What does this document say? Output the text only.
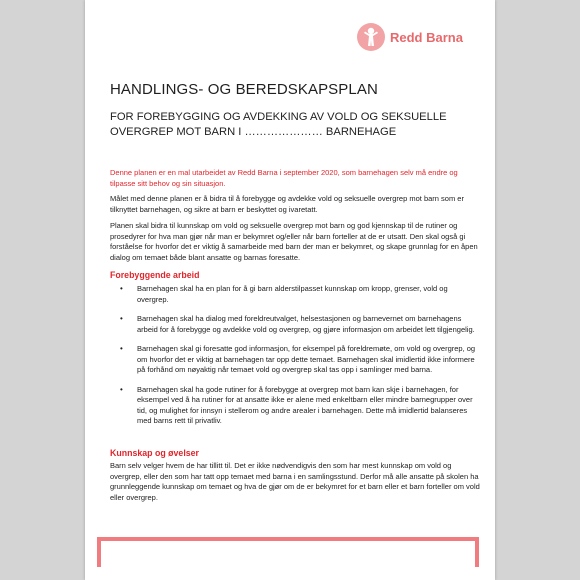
Redd Barna
HANDLINGS- OG BEREDSKAPSPLAN
FOR FOREBYGGING OG AVDEKKING AV VOLD OG SEKSUELLE OVERGREP MOT BARN I ………………… BARNEHAGE
Denne planen er en mal utarbeidet av Redd Barna i september 2020, som barnehagen selv må endre og tilpasse sitt behov og sin situasjon.
Målet med denne planen er å bidra til å forebygge og avdekke vold og seksuelle overgrep mot barn som er tilknyttet barnehagen, og sikre at barn er beskyttet og ivaretatt.
Planen skal bidra til kunnskap om vold og seksuelle overgrep mot barn og god kjennskap til de rutiner og prosedyrer for hva man gjør når man er bekymret og/eller når barn forteller at de er utsatt. Den skal også gi forståelse for hvorfor det er viktig å samarbeide med barn der man er bekymret, og skape grunnlag for en åpen dialog om temaet både blant ansatte og barnas foresatte.
Forebyggende arbeid
• Barnehagen skal ha en plan for å gi barn alderstilpasset kunnskap om kropp, grenser, vold og overgrep.
• Barnehagen skal ha dialog med foreldreutvalget, helsestasjonen og barnevernet om barnehagens arbeid for å forebygge og avdekke vold og overgrep, og gjøre informasjon om arbeidet lett tilgjengelig.
• Barnehagen skal gi foresatte god informasjon, for eksempel på foreldremøte, om vold og overgrep, og om hvorfor det er viktig at barnehagen tar opp dette temaet. Barnehagen skal imidlertid ikke informere på forhånd om nøyaktig når temaet vold og overgrep skal tas opp i samlinger med barna.
• Barnehagen skal ha gode rutiner for å forebygge at overgrep mot barn kan skje i barnehagen, for eksempel ved å ha rutiner for at ansatte ikke er alene med enkeltbarn eller mindre barnegrupper over tid, og mulighet for innsyn i stellerom og andre arealer i barnehagen. Dette må imidlertid balanseres med barns rett til privatliv.
Kunnskap og øvelser
Barn selv velger hvem de har tillitt til. Det er ikke nødvendigvis den som har mest kunnskap om vold og overgrep, eller den som har tatt opp temaet med barna i en samlingsstund. Derfor må alle ansatte på skolen ha grunnleggende kunnskap om temaet og hva de gjør om de er bekymret for et barn eller et barn forteller om vold eller overgrep.
